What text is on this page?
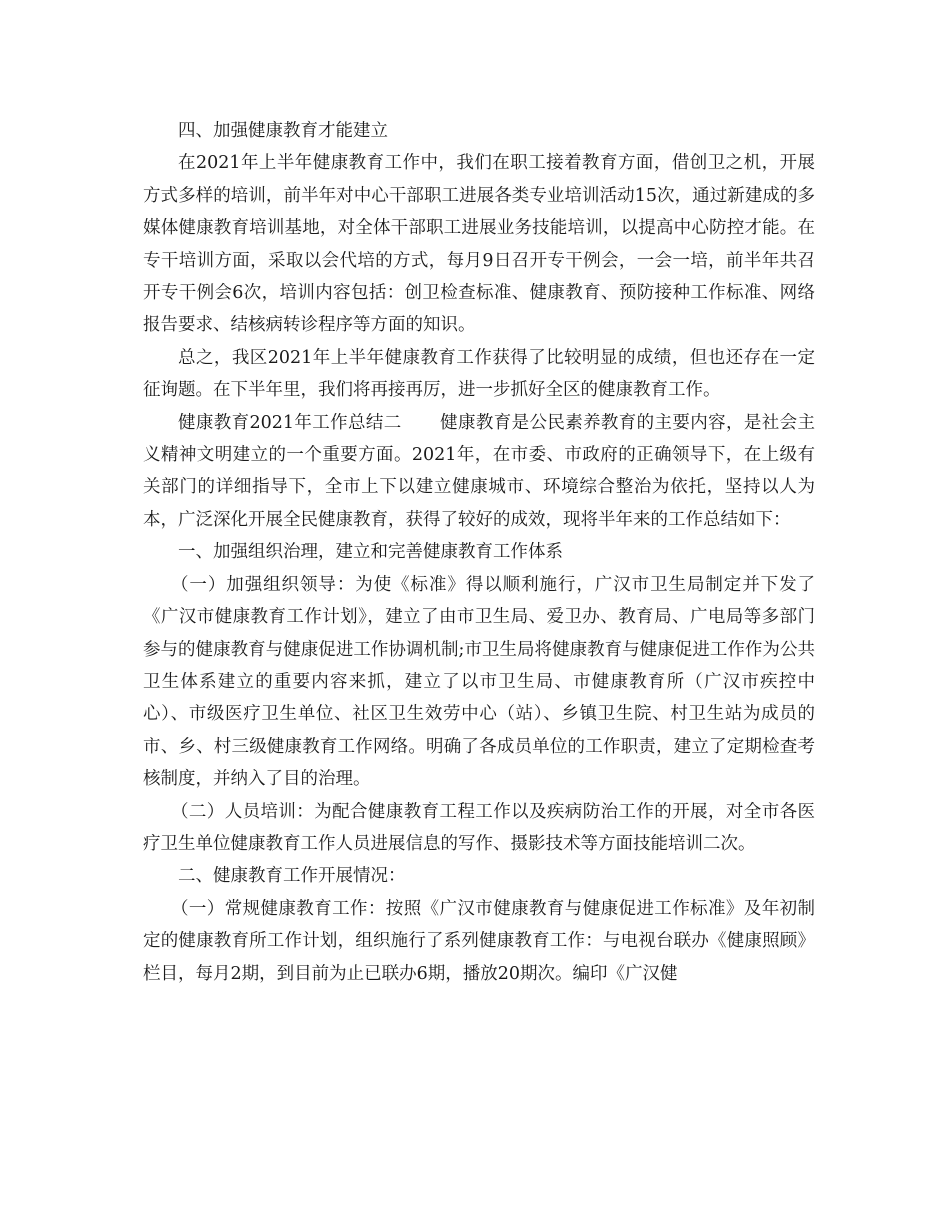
四、加强健康教育才能建立

在2021年上半年健康教育工作中，我们在职工接着教育方面，借创卫之机，开展方式多样的培训，前半年对中心干部职工进展各类专业培训活动15次，通过新建成的多媒体健康教育培训基地，对全体干部职工进展业务技能培训，以提高中心防控才能。在专干培训方面，采取以会代培的方式，每月9日召开专干例会，一会一培，前半年共召开专干例会6次，培训内容包括：创卫检查标准、健康教育、预防接种工作标准、网络报告要求、结核病转诊程序等方面的知识。

总之，我区2021年上半年健康教育工作获得了比较明显的成绩，但也还存在一定征询题。在下半年里，我们将再接再厉，进一步抓好全区的健康教育工作。

健康教育2021年工作总结二 健康教育是公民素养教育的主要内容，是社会主义精神文明建立的一个重要方面。2021年，在市委、市政府的正确领导下，在上级有关部门的详细指导下，全市上下以建立健康城市、环境综合整治为依托，坚持以人为本，广泛深化开展全民健康教育，获得了较好的成效，现将半年来的工作总结如下：

一、加强组织治理，建立和完善健康教育工作体系

（一）加强组织领导：为使《标准》得以顺利施行，广汉市卫生局制定并下发了《广汉市健康教育工作计划》，建立了由市卫生局、爱卫办、教育局、广电局等多部门参与的健康教育与健康促进工作协调机制;市卫生局将健康教育与健康促进工作作为公共卫生体系建立的重要内容来抓，建立了以市卫生局、市健康教育所（广汉市疾控中心）、市级医疗卫生单位、社区卫生效劳中心（站）、乡镇卫生院、村卫生站为成员的市、乡、村三级健康教育工作网络。明确了各成员单位的工作职责，建立了定期检查考核制度，并纳入了目的治理。

（二）人员培训：为配合健康教育工程工作以及疾病防治工作的开展，对全市各医疗卫生单位健康教育工作人员进展信息的写作、摄影技术等方面技能培训二次。

二、健康教育工作开展情况：

（一）常规健康教育工作：按照《广汉市健康教育与健康促进工作标准》及年初制定的健康教育所工作计划，组织施行了系列健康教育工作：与电视台联办《健康照顾》栏目，每月2期，到目前为止已联办6期，播放20期次。编印《广汉健
